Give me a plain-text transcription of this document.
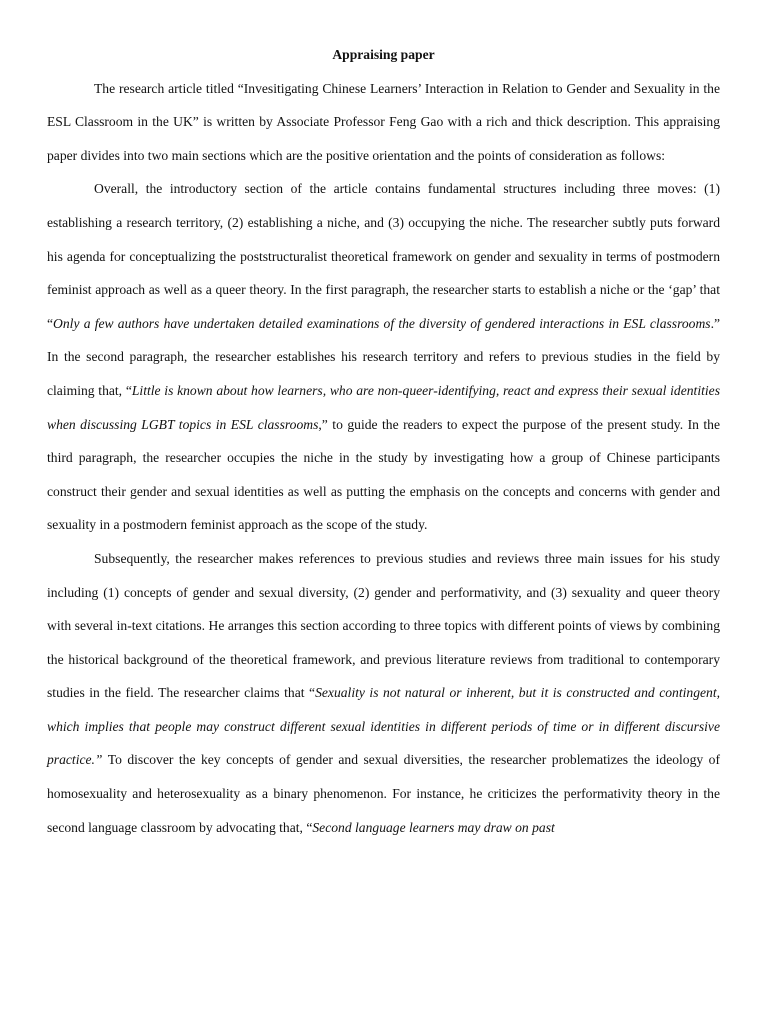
Appraising paper

The research article titled “Invesitigating Chinese Learners’ Interaction in Relation to Gender and Sexuality in the ESL Classroom in the UK” is written by Associate Professor Feng Gao with a rich and thick description. This appraising paper divides into two main sections which are the positive orientation and the points of consideration as follows:

Overall, the introductory section of the article contains fundamental structures including three moves: (1) establishing a research territory, (2) establishing a niche, and (3) occupying the niche. The researcher subtly puts forward his agenda for conceptualizing the poststructuralist theoretical framework on gender and sexuality in terms of postmodern feminist approach as well as a queer theory. In the first paragraph, the researcher starts to establish a niche or the ‘gap’ that “Only a few authors have undertaken detailed examinations of the diversity of gendered interactions in ESL classrooms.” In the second paragraph, the researcher establishes his research territory and refers to previous studies in the field by claiming that, “Little is known about how learners, who are non-queer-identifying, react and express their sexual identities when discussing LGBT topics in ESL classrooms,” to guide the readers to expect the purpose of the present study. In the third paragraph, the researcher occupies the niche in the study by investigating how a group of Chinese participants construct their gender and sexual identities as well as putting the emphasis on the concepts and concerns with gender and sexuality in a postmodern feminist approach as the scope of the study.

Subsequently, the researcher makes references to previous studies and reviews three main issues for his study including (1) concepts of gender and sexual diversity, (2) gender and performativity, and (3) sexuality and queer theory with several in-text citations. He arranges this section according to three topics with different points of views by combining the historical background of the theoretical framework, and previous literature reviews from traditional to contemporary studies in the field. The researcher claims that “Sexuality is not natural or inherent, but it is constructed and contingent, which implies that people may construct different sexual identities in different periods of time or in different discursive practice.” To discover the key concepts of gender and sexual diversities, the researcher problematizes the ideology of homosexuality and heterosexuality as a binary phenomenon. For instance, he criticizes the performativity theory in the second language classroom by advocating that, “Second language learners may draw on past
